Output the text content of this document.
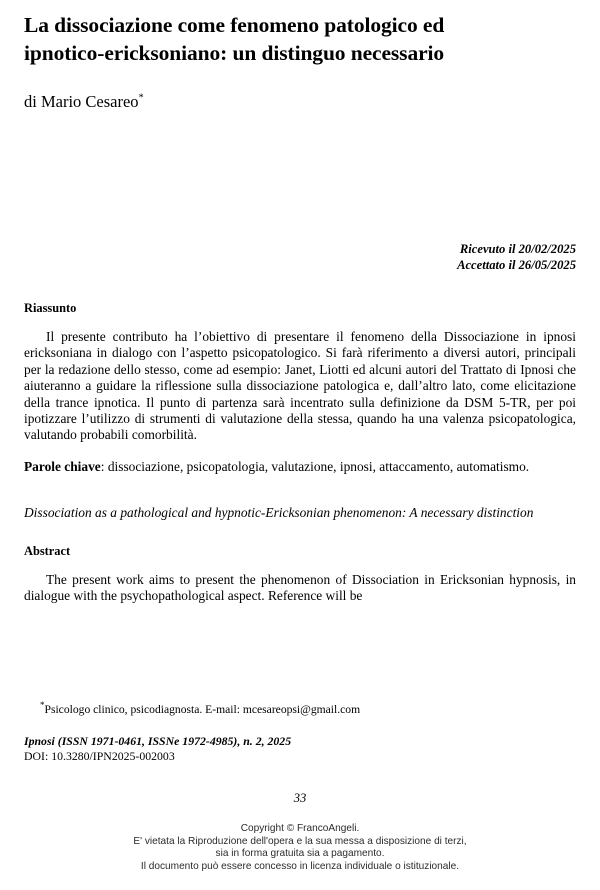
La dissociazione come fenomeno patologico ed
ipnotico-ericksoniano: un distinguo necessario

di Mario Cesareo*

Ricevuto il 20/02/2025
Accettato il 26/05/2025

Riassunto

Il presente contributo ha l’obiettivo di presentare il fenomeno della Dissociazione in ipnosi ericksoniana in dialogo con l’aspetto psicopatologico. Si farà riferimento a diversi autori, principali per la redazione dello stesso, come ad esempio: Janet, Liotti ed alcuni autori del Trattato di Ipnosi che aiuteranno a guidare la riflessione sulla dissociazione patologica e, dall’altro lato, come elicitazione della trance ipnotica. Il punto di partenza sarà incentrato sulla definizione da DSM 5-TR, per poi ipotizzare l’utilizzo di strumenti di valutazione della stessa, quando ha una valenza psicopatologica, valutando probabili comorbilità.

Parole chiave: dissociazione, psicopatologia, valutazione, ipnosi, attaccamento, automatismo.

Dissociation as a pathological and hypnotic-Ericksonian phenomenon: A necessary distinction

Abstract

The present work aims to present the phenomenon of Dissociation in Ericksonian hypnosis, in dialogue with the psychopathological aspect. Reference will be

*Psicologo clinico, psicodiagnosta. E-mail: mcesareopsi@gmail.com

Ipnosi (ISSN 1971-0461, ISSNe 1972-4985), n. 2, 2025

DOI: 10.3280/IPN2025-002003

33
Copyright © FrancoAngeli.
E' vietata la Riproduzione dell'opera e la sua messa a disposizione di terzi,
sia in forma gratuita sia a pagamento.
Il documento può essere concesso in licenza individuale o istituzionale.
